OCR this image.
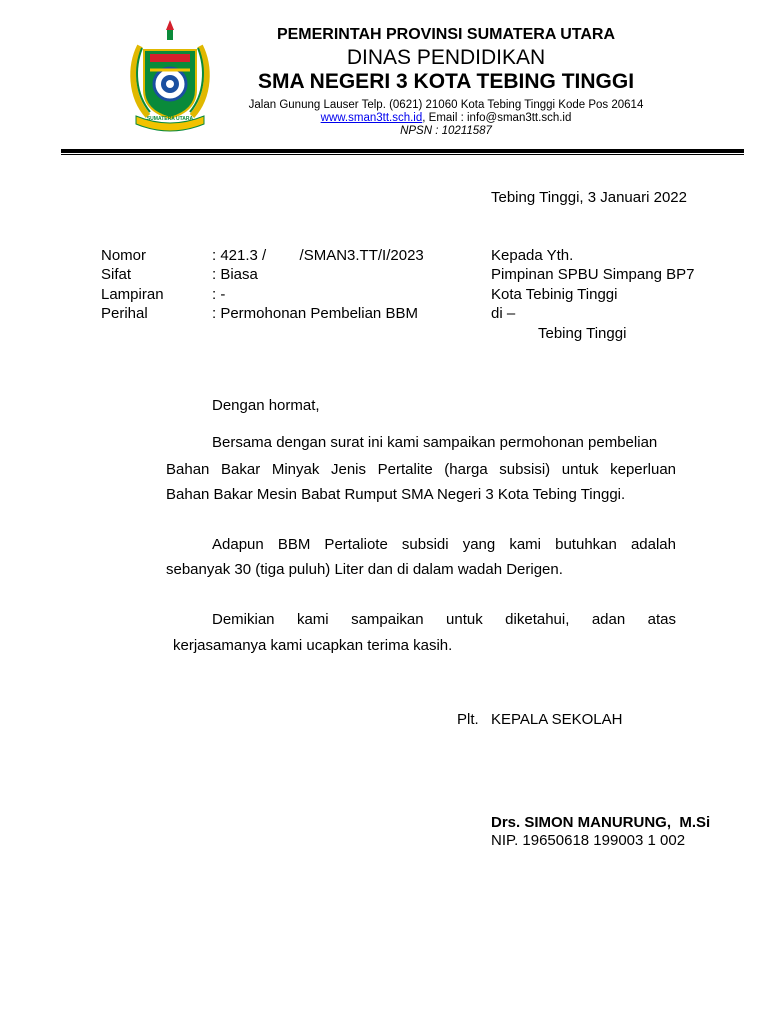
SUMATERA UTARA
PEMERINTAH PROVINSI SUMATERA UTARA
DINAS PENDIDIKAN
SMA NEGERI 3 KOTA TEBING TINGGI
Jalan Gunung Lauser Telp. (0621) 21060 Kota Tebing Tinggi Kode Pos 20614
www.sman3tt.sch.id, Email : info@sman3tt.sch.id
NPSN : 10211587
Tebing Tinggi, 3 Januari 2022
Nomor	: 421.3 /        /SMAN3.TT/I/2023
Sifat	: Biasa
Lampiran	: -
Perihal	: Permohonan Pembelian BBM
Kepada Yth.
Pimpinan SPBU Simpang BP7
Kota Tebinig Tinggi
di –
Tebing Tinggi
Dengan hormat,
Bersama dengan surat ini kami sampaikan permohonan pembelian
Bahan Bakar Minyak Jenis Pertalite (harga subsisi) untuk keperluan
Bahan Bakar Mesin Babat Rumput SMA Negeri 3 Kota Tebing Tinggi.
Adapun BBM Pertaliote subsidi yang kami butuhkan adalah
sebanyak 30 (tiga puluh) Liter dan di dalam wadah Derigen.
Demikian kami sampaikan untuk diketahui, adan atas
kerjasamanya kami ucapkan terima kasih.
Plt. KEPALA SEKOLAH
Drs. SIMON MANURUNG,  M.Si
NIP. 19650618 199003 1 002
